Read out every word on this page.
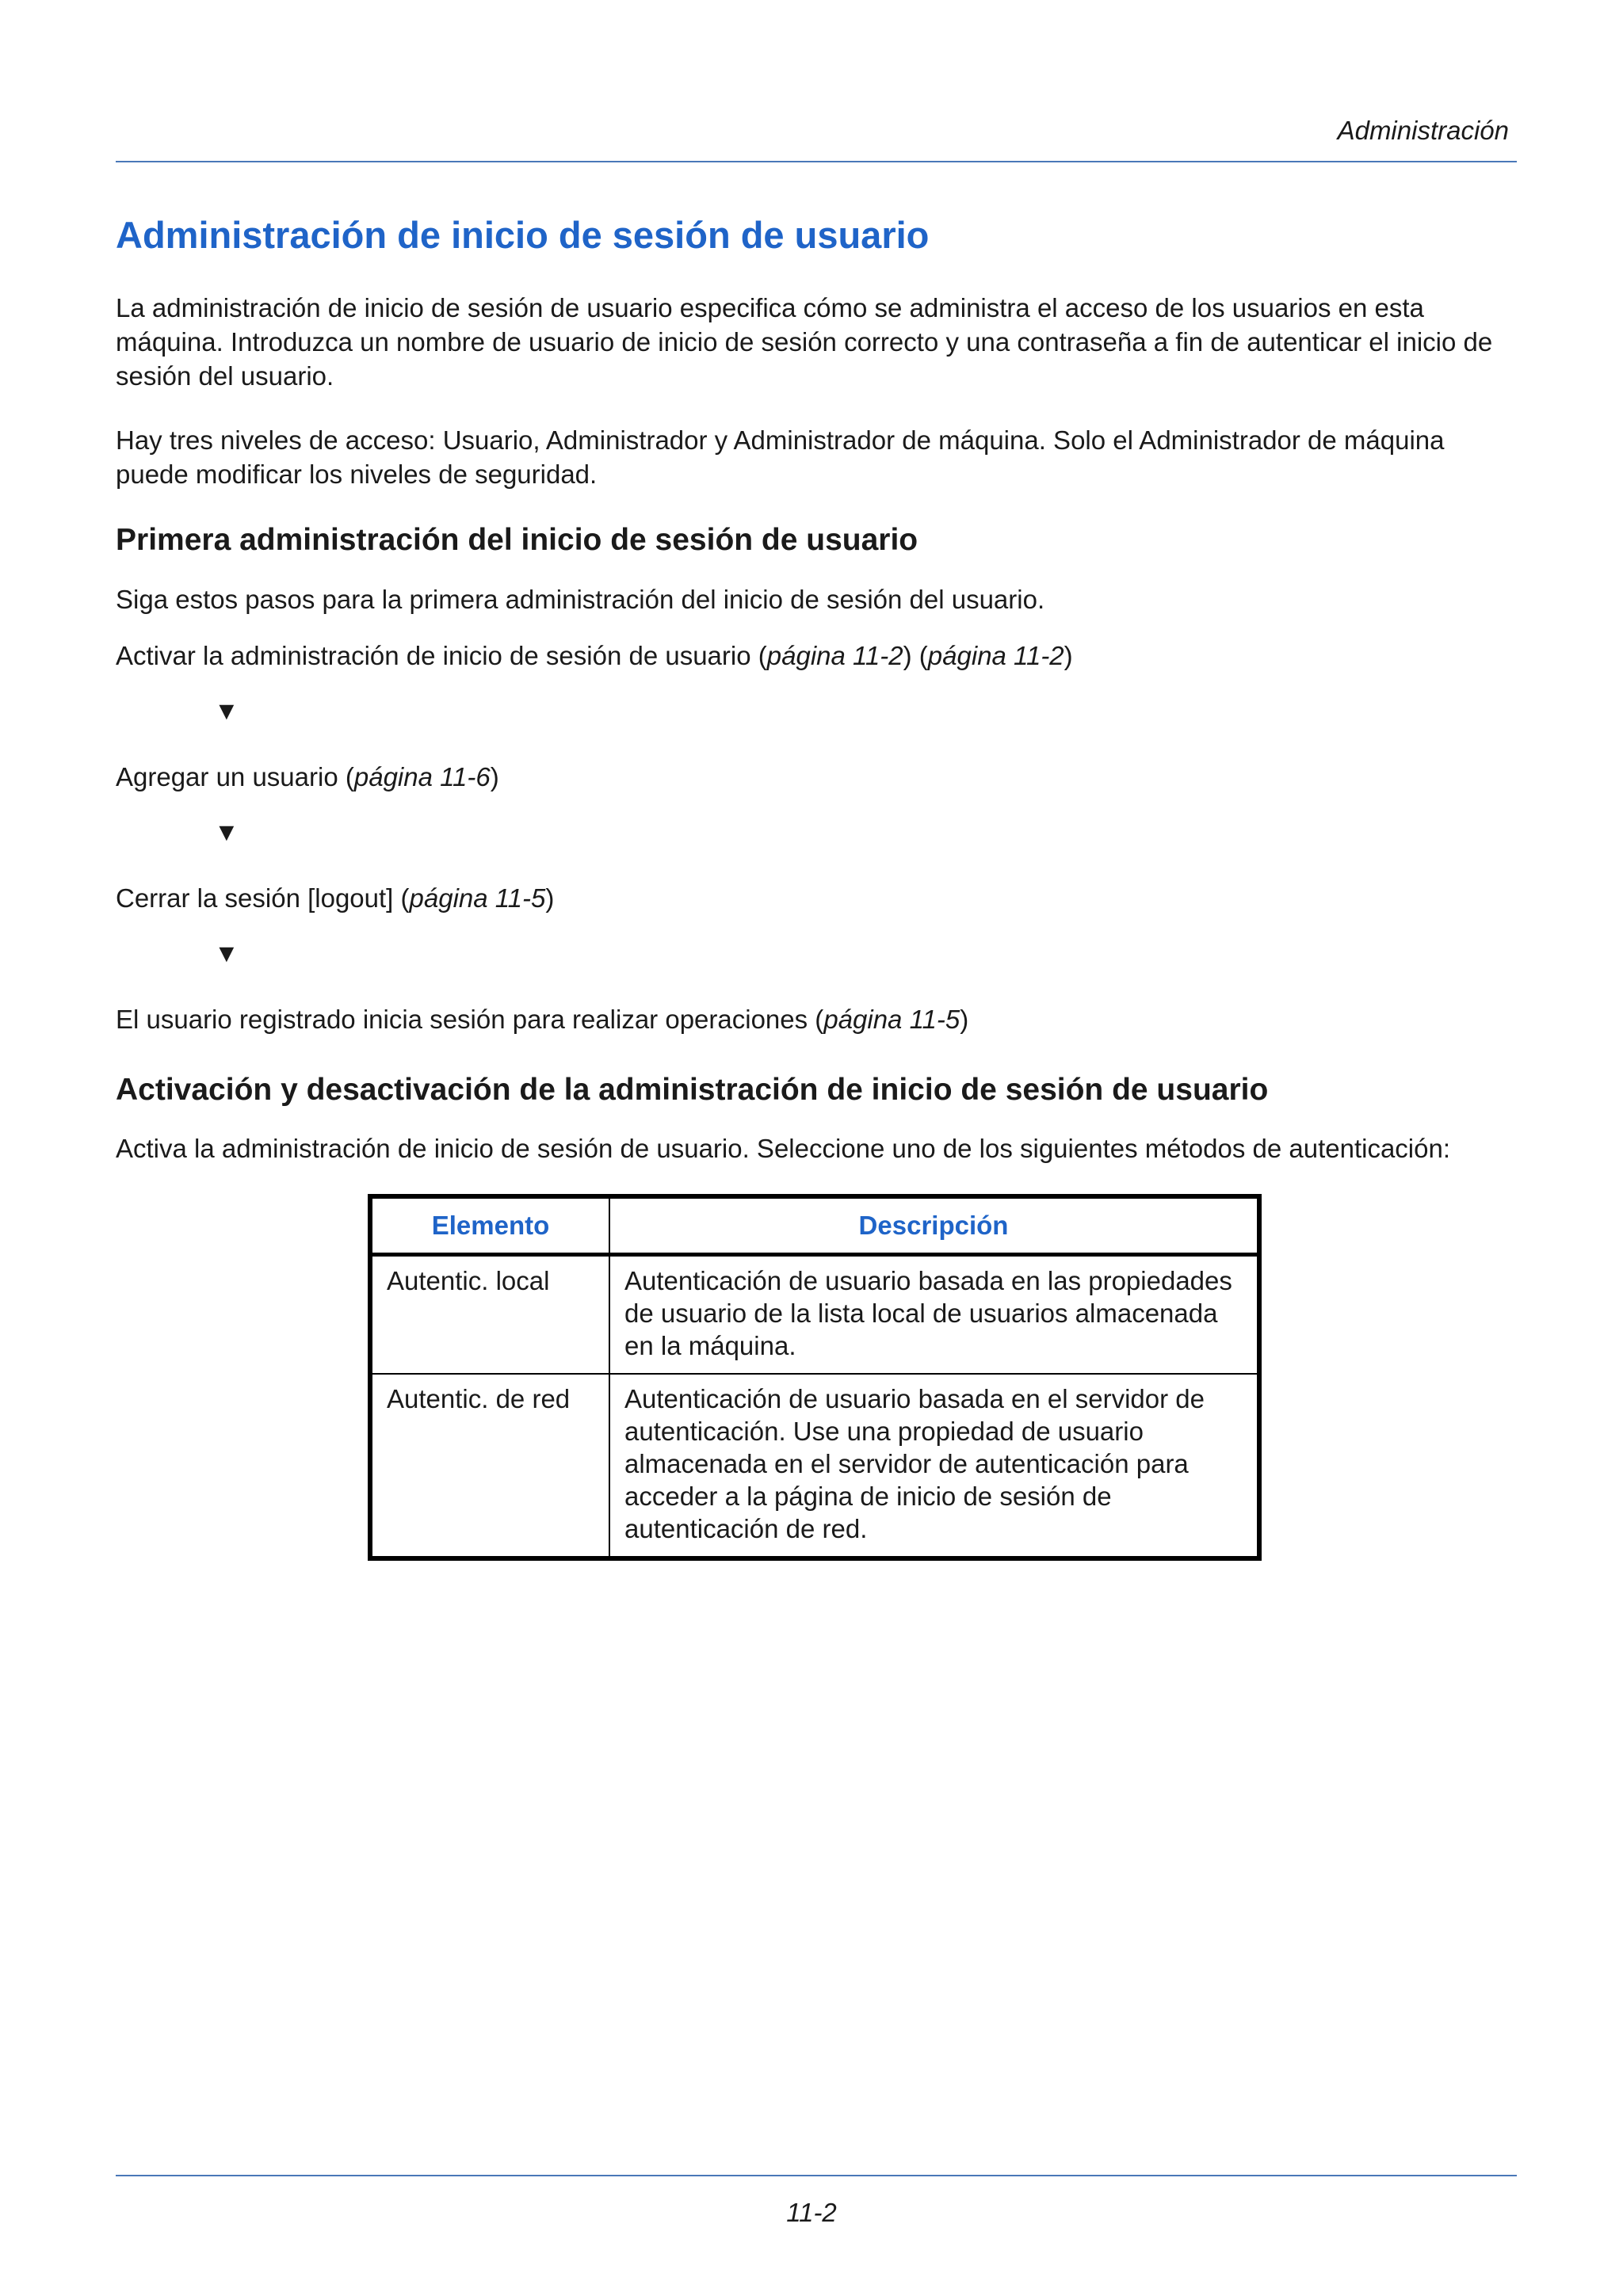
Administración
Administración de inicio de sesión de usuario

La administración de inicio de sesión de usuario especifica cómo se administra el acceso de los usuarios en esta máquina. Introduzca un nombre de usuario de inicio de sesión correcto y una contraseña a fin de autenticar el inicio de sesión del usuario.

Hay tres niveles de acceso: Usuario, Administrador y Administrador de máquina. Solo el Administrador de máquina puede modificar los niveles de seguridad.

Primera administración del inicio de sesión de usuario

Siga estos pasos para la primera administración del inicio de sesión del usuario.

Activar la administración de inicio de sesión de usuario (página 11-2) (página 11-2)
▼
Agregar un usuario (página 11-6)
▼
Cerrar la sesión [logout] (página 11-5)
▼
El usuario registrado inicia sesión para realizar operaciones (página 11-5)
Activación y desactivación de la administración de inicio de sesión de usuario

Activa la administración de inicio de sesión de usuario. Seleccione uno de los siguientes métodos de autenticación:

Elemento	Descripción
Autentic. local	Autenticación de usuario basada en las propiedades de usuario de la lista local de usuarios almacenada en la máquina.
Autentic. de red	Autenticación de usuario basada en el servidor de autenticación. Use una propiedad de usuario almacenada en el servidor de autenticación para acceder a la página de inicio de sesión de autenticación de red.
11-2
